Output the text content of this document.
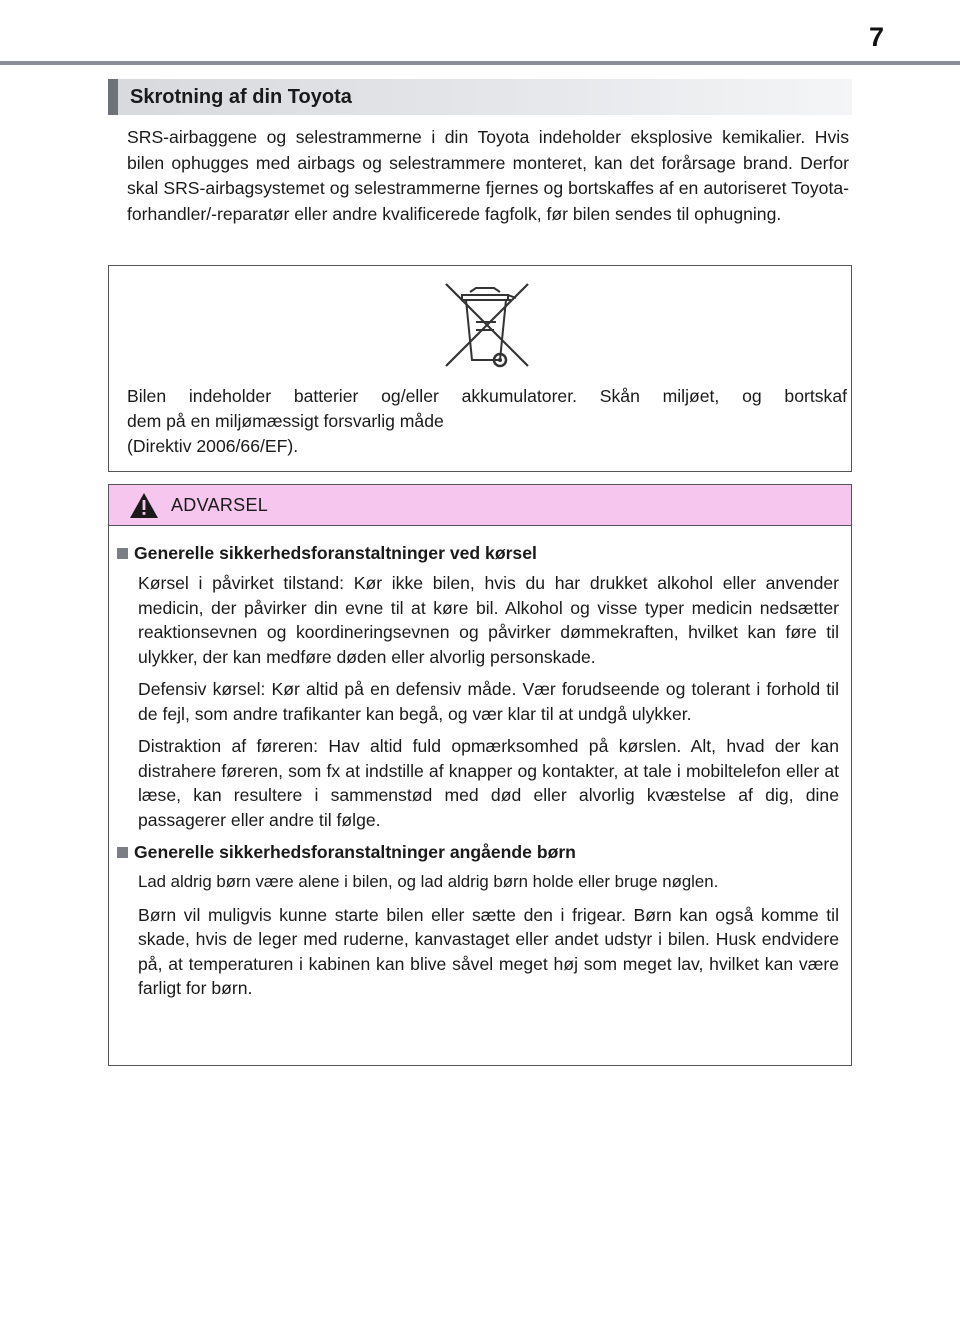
7
Skrotning af din Toyota

SRS-airbaggene og selestrammerne i din Toyota indeholder eksplosive kemikalier. Hvis bilen ophugges med airbags og selestrammere monteret, kan det forårsage brand. Derfor skal SRS-airbagsystemet og selestrammerne fjernes og bortskaffes af en autoriseret Toyota-forhandler/-reparatør eller andre kvalificerede fagfolk, før bilen sendes til ophugning.

Bilen indeholder batterier og/eller akkumulatorer. Skån miljøet, og bortskaf
dem på en miljømæssigt forsvarlig måde
(Direktiv 2006/66/EF).

ADVARSEL
Generelle sikkerhedsforanstaltninger ved kørsel

Kørsel i påvirket tilstand: Kør ikke bilen, hvis du har drukket alkohol eller anvender medicin, der påvirker din evne til at køre bil. Alkohol og visse typer medicin nedsætter reaktionsevnen og koordineringsevnen og påvirker dømmekraften, hvilket kan føre til ulykker, der kan medføre døden eller alvorlig personskade.

Defensiv kørsel: Kør altid på en defensiv måde. Vær forudseende og tolerant i forhold til de fejl, som andre trafikanter kan begå, og vær klar til at undgå ulykker.

Distraktion af føreren: Hav altid fuld opmærksomhed på kørslen. Alt, hvad der kan distrahere føreren, som fx at indstille af knapper og kontakter, at tale i mobiltelefon eller at læse, kan resultere i sammenstød med død eller alvorlig kvæstelse af dig, dine passagerer eller andre til følge.

Generelle sikkerhedsforanstaltninger angående børn

Lad aldrig børn være alene i bilen, og lad aldrig børn holde eller bruge nøglen.

Børn vil muligvis kunne starte bilen eller sætte den i frigear. Børn kan også komme til skade, hvis de leger med ruderne, kanvastaget eller andet udstyr i bilen. Husk endvidere på, at temperaturen i kabinen kan blive såvel meget høj som meget lav, hvilket kan være farligt for børn.
